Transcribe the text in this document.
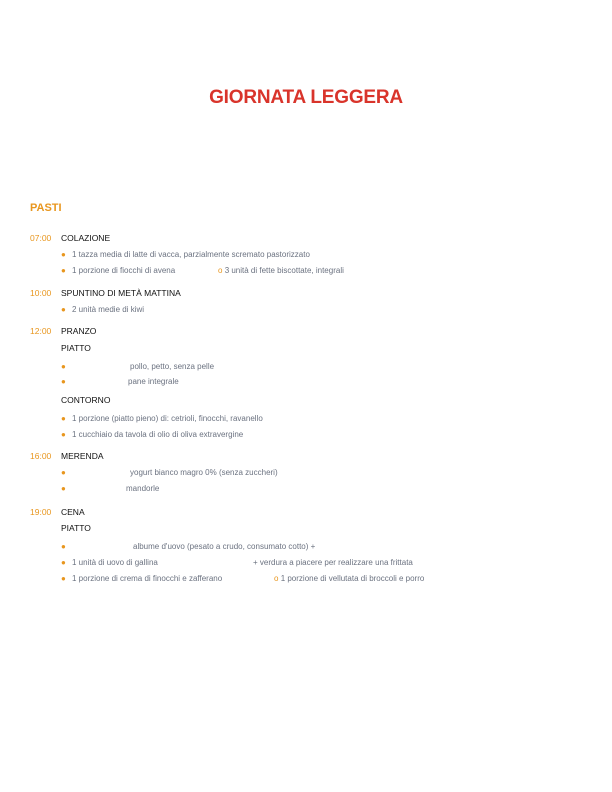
GIORNATA LEGGERA
PASTI
07:00 COLAZIONE
● 1 tazza media di latte di vacca, parzialmente scremato pastorizzato
● 1 porzione di fiocchi di avena	o 3 unità di fette biscottate, integrali
10:00 SPUNTINO DI METÀ MATTINA
● 2 unità medie di kiwi
12:00 PRANZO
PIATTO
●	pollo, petto, senza pelle
●	pane integrale
CONTORNO
● 1 porzione (piatto pieno) di: cetrioli, finocchi, ravanello
● 1 cucchiaio da tavola di olio di oliva extravergine
16:00 MERENDA
●	yogurt bianco magro 0% (senza zuccheri)
●	mandorle
19:00 CENA
PIATTO
●	albume d'uovo (pesato a crudo, consumato cotto) +
● 1 unità di uovo di gallina	+ verdura a piacere per realizzare una frittata
● 1 porzione di crema di finocchi e zafferano	o 1 porzione di vellutata di broccoli e porro
